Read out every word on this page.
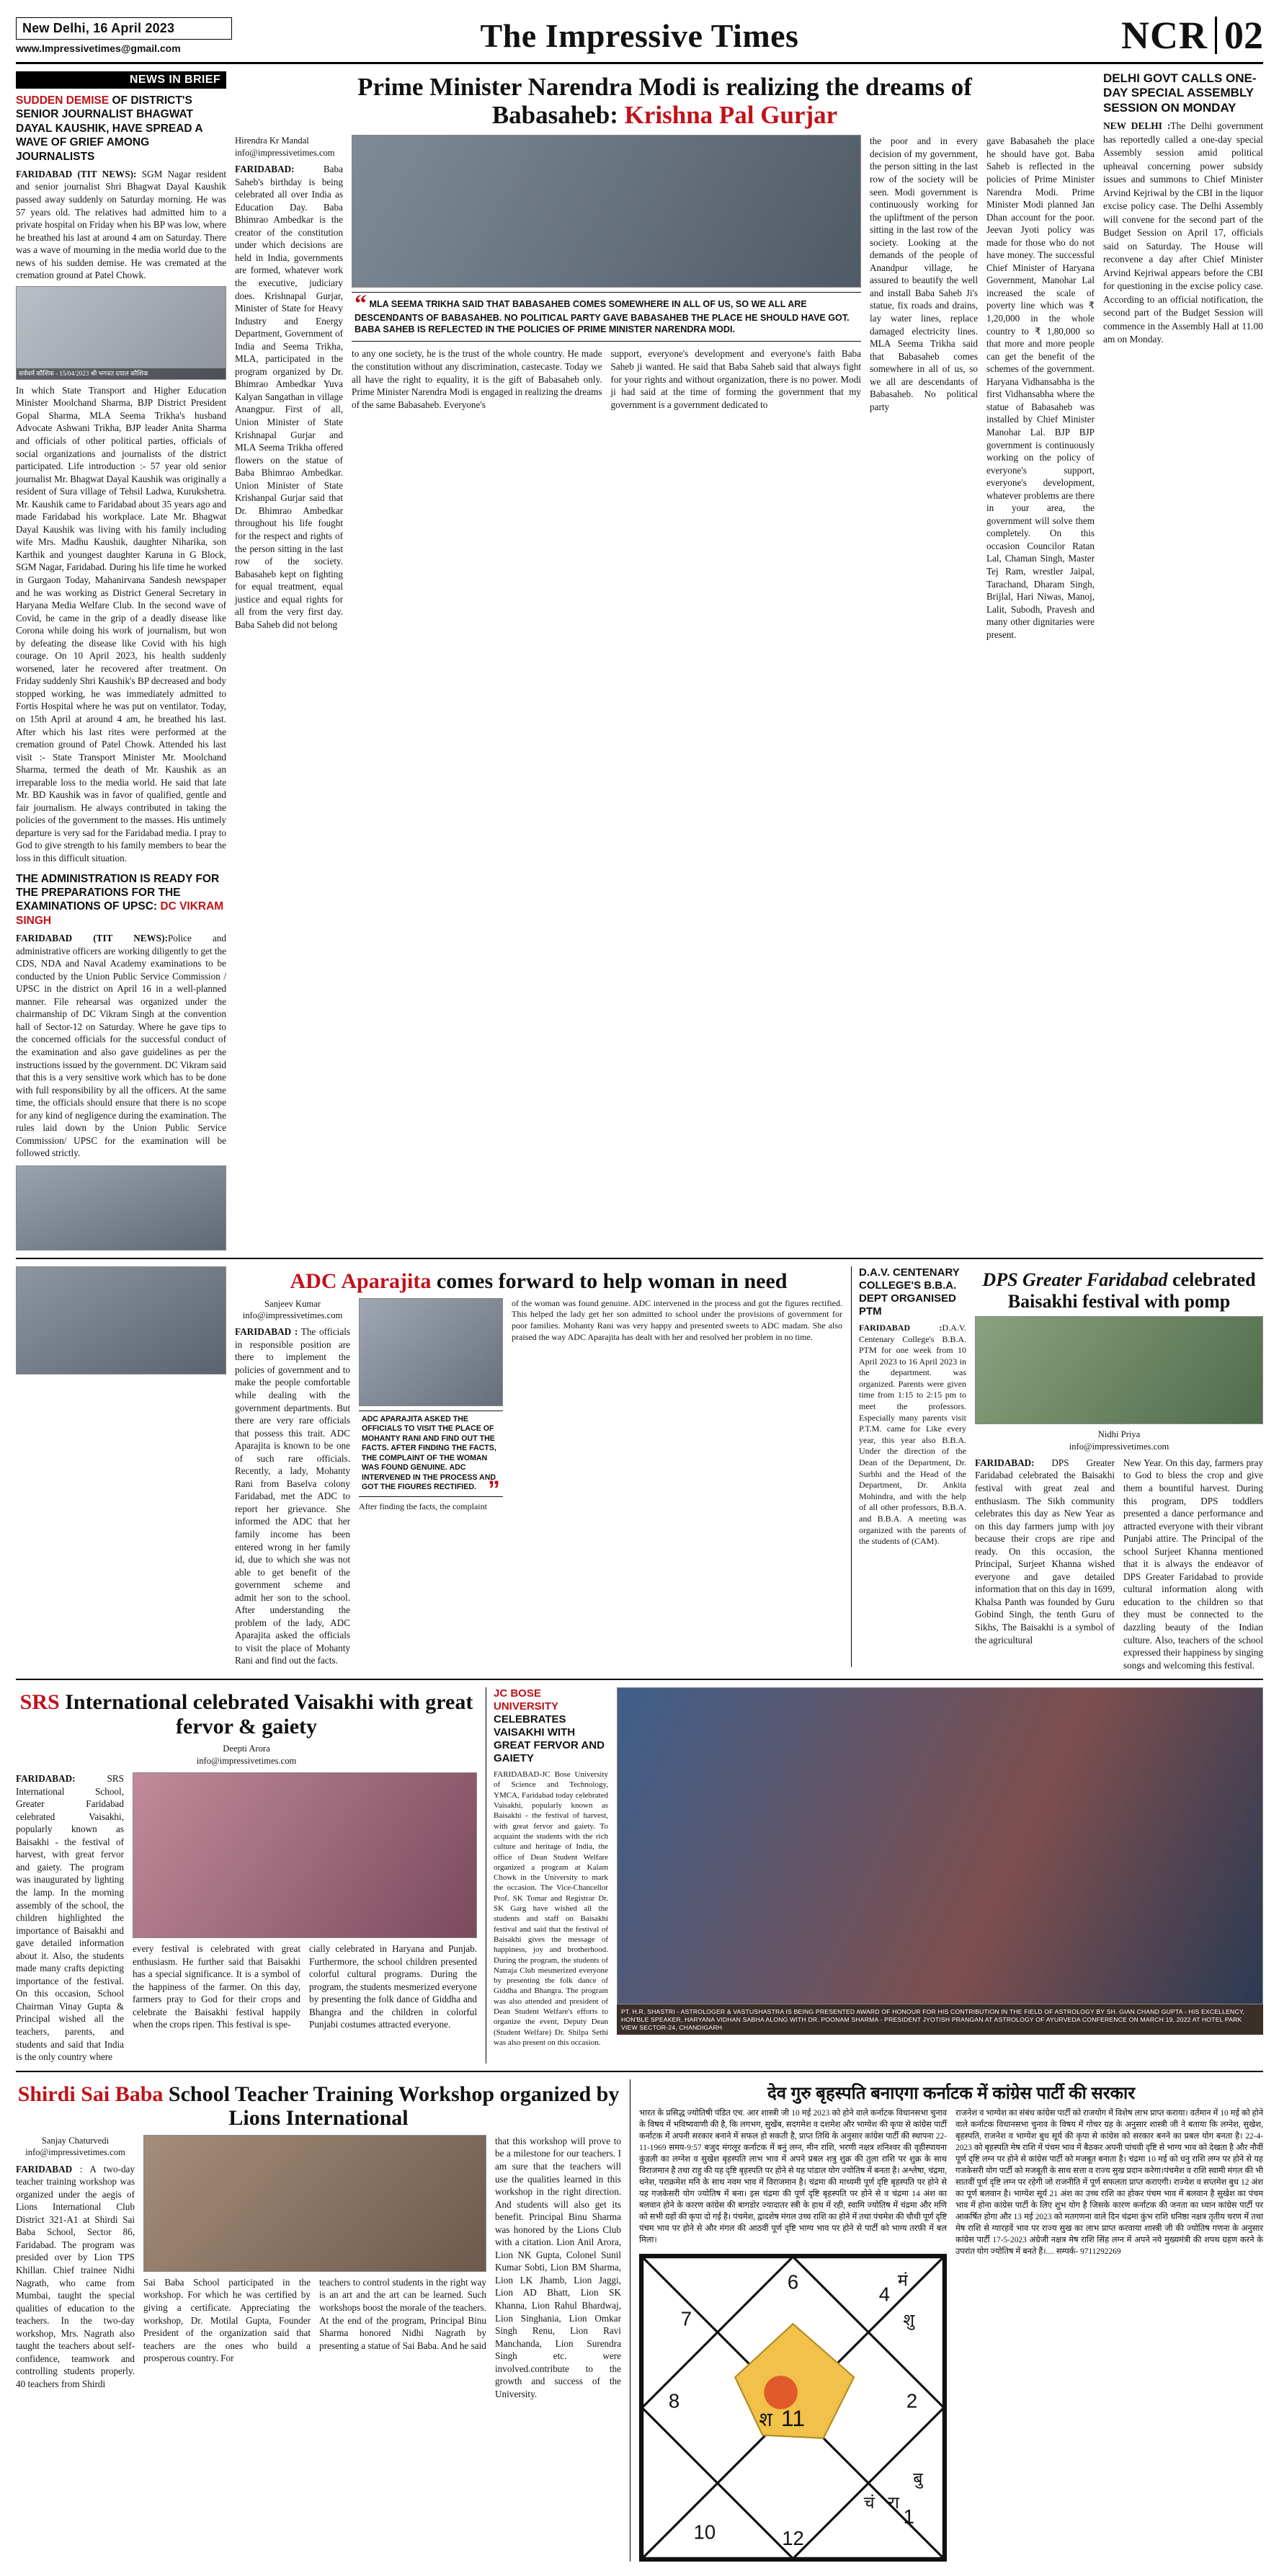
New Delhi, 16 April 2023
www.Impressivetimes@gmail.com	The Impressive Times	NCR 02
NEWS IN BRIEF
SUDDEN DEMISE OF DISTRICT'S SENIOR JOURNALIST BHAGWAT DAYAL KAUSHIK, HAVE SPREAD A WAVE OF GRIEF AMONG JOURNALISTS
FARIDABAD (TIT NEWS): SGM Nagar resident and senior journalist Shri Bhagwat Dayal Kaushik passed away suddenly on Saturday morning. He was 57 years old. The relatives had admitted him to a private hospital on Friday when his BP was low, where he breathed his last at around 4 am on Saturday. There was a wave of mourning in the media world due to the news of his sudden demise. He was cremated at the cremation ground at Patel Chowk.
सर्वधर्म कौशिक - 15/04/2023 श्री भगवत दयाल कौशिक
In which State Transport and Higher Education Minister Moolchand Sharma, BJP District President Gopal Sharma, MLA Seema Trikha's husband Advocate Ashwani Trikha, BJP leader Anita Sharma and officials of other political parties, officials of social organizations and journalists of the district participated. Life introduction :- 57 year old senior journalist Mr. Bhagwat Dayal Kaushik was originally a resident of Sura village of Tehsil Ladwa, Kurukshetra. Mr. Kaushik came to Faridabad about 35 years ago and made Faridabad his workplace. Late Mr. Bhagwat Dayal Kaushik was living with his family including wife Mrs. Madhu Kaushik, daughter Niharika, son Karthik and youngest daughter Karuna in G Block, SGM Nagar, Faridabad. During his life time he worked in Gurgaon Today, Mahanirvana Sandesh newspaper and he was working as District General Secretary in Haryana Media Welfare Club. In the second wave of Covid, he came in the grip of a deadly disease like Corona while doing his work of journalism, but won by defeating the disease like Covid with his high courage. On 10 April 2023, his health suddenly worsened, later he recovered after treatment. On Friday suddenly Shri Kaushik's BP decreased and body stopped working, he was immediately admitted to Fortis Hospital where he was put on ventilator. Today, on 15th April at around 4 am, he breathed his last. After which his last rites were performed at the cremation ground of Patel Chowk. Attended his last visit :- State Transport Minister Mr. Moolchand Sharma, termed the death of Mr. Kaushik as an irreparable loss to the media world. He said that late Mr. BD Kaushik was in favor of qualified, gentle and fair journalism. He always contributed in taking the policies of the government to the masses. His untimely departure is very sad for the Faridabad media. I pray to God to give strength to his family members to bear the loss in this difficult situation.
THE ADMINISTRATION IS READY FOR THE PREPARATIONS FOR THE EXAMINATIONS OF UPSC: DC VIKRAM SINGH
FARIDABAD (TIT NEWS):Police and administrative officers are working diligently to get the CDS, NDA and Naval Academy examinations to be conducted by the Union Public Service Commission / UPSC in the district on April 16 in a well-planned manner. File rehearsal was organized under the chairmanship of DC Vikram Singh at the convention hall of Sector-12 on Saturday. Where he gave tips to the concerned officials for the successful conduct of the examination and also gave guidelines as per the instructions issued by the government. DC Vikram said that this is a very sensitive work which has to be done with full responsibility by all the officers. At the same time, the officials should ensure that there is no scope for any kind of negligence during the examination. The rules laid down by the Union Public Service Commission/ UPSC for the examination will be followed strictly.
Prime Minister Narendra Modi is realizing the dreams of
Babasaheb: Krishna Pal Gurjar
Hirendra Kr Mandal
info@impressivetimes.com
FARIDABAD: Baba Saheb's birthday is being celebrated all over India as Education Day. Baba Bhimrao Ambedkar is the creator of the constitution under which decisions are held in India, governments are formed, whatever work the executive, judiciary does. Krishnapal Gurjar, Minister of State for Heavy Industry and Energy Department, Government of India and Seema Trikha, MLA, participated in the program organized by Dr. Bhimrao Ambedkar Yuva Kalyan Sangathan in village Anangpur. First of all, Union Minister of State Krishnapal Gurjar and MLA Seema Trikha offered flowers on the statue of Baba Bhimrao Ambedkar. Union Minister of State Krishanpal Gurjar said that Dr. Bhimrao Ambedkar throughout his life fought for the respect and rights of the person sitting in the last row of the society. Babasaheb kept on fighting for equal treatment, equal justice and equal rights for all from the very first day. Baba Saheb did not belong
“ MLA SEEMA TRIKHA SAID THAT BABASAHEB COMES SOMEWHERE IN ALL OF US, SO WE ALL ARE DESCENDANTS OF BABASAHEB. NO POLITICAL PARTY GAVE BABASAHEB THE PLACE HE SHOULD HAVE GOT. BABA SAHEB IS REFLECTED IN THE POLICIES OF PRIME MINISTER NARENDRA MODI.
to any one society, he is the trust of the whole country. He made the constitution without any discrimination, castecaste. Today we all have the right to equality, it is the gift of Babasaheb only. Prime Minister Narendra Modi is engaged in realizing the dreams of the same Babasaheb. Everyone's
support, everyone's development and everyone's faith Baba Saheb ji wanted. He said that Baba Saheb said that always fight for your rights and without organization, there is no power. Modi ji had said at the time of forming the government that my government is a government dedicated to
the poor and in every decision of my government, the person sitting in the last row of the society will be seen. Modi government is continuously working for the upliftment of the person sitting in the last row of the society. Looking at the demands of the people of Anandpur village, he assured to beautify the well and install Baba Saheb Ji's statue, fix roads and drains, lay water lines, replace damaged electricity lines. MLA Seema Trikha said that Babasaheb comes somewhere in all of us, so we all are descendants of Babasaheb. No political party
gave Babasaheb the place he should have got. Baba Saheb is reflected in the policies of Prime Minister Narendra Modi. Prime Minister Modi planned Jan Dhan account for the poor. Jeevan Jyoti policy was made for those who do not have money. The successful Chief Minister of Haryana Government, Manohar Lal increased the scale of poverty line which was ₹ 1,20,000 in the whole country to ₹ 1,80,000 so that more and more people can get the benefit of the schemes of the government. Haryana Vidhansabha is the first Vidhansabha where the statue of Babasaheb was installed by Chief Minister Manohar Lal. BJP BJP government is continuously working on the policy of everyone's support, everyone's development, whatever problems are there in your area, the government will solve them completely. On this occasion Councilor Ratan Lal, Chaman Singh, Master Tej Ram, wrestler Jaipal, Tarachand, Dharam Singh, Brijlal, Hari Niwas, Manoj, Lalit, Subodh, Pravesh and many other dignitaries were present.
DELHI GOVT CALLS ONE-DAY SPECIAL ASSEMBLY SESSION ON MONDAY
NEW DELHI :The Delhi government has reportedly called a one-day special Assembly session amid political upheaval concerning power subsidy issues and summons to Chief Minister Arvind Kejriwal by the CBI in the liquor excise policy case. The Delhi Assembly will convene for the second part of the Budget Session on April 17, officials said on Saturday. The House will reconvene a day after Chief Minister Arvind Kejriwal appears before the CBI for questioning in the excise policy case. According to an official notification, the second part of the Budget Session will commence in the Assembly Hall at 11.00 am on Monday.
ADC Aparajita comes forward to help woman in need
Sanjeev Kumar
info@impressivetimes.com
FARIDABAD : The officials in responsible position are there to implement the policies of government and to make the people comfortable while dealing with the government departments. But there are very rare officials that possess this trait. ADC Aparajita is known to be one of such rare officials. Recently, a lady, Mohanty Rani from Baselva colony Faridabad, met the ADC to report her grievance. She informed the ADC that her family income has been entered wrong in her family id, due to which she was not able to get benefit of the government scheme and admit her son to the school. After understanding the problem of the lady, ADC Aparajita asked the officials to visit the place of Mohanty Rani and find out the facts.
ADC APARAJITA ASKED THE OFFICIALS TO VISIT THE PLACE OF MOHANTY RANI AND FIND OUT THE FACTS. AFTER FINDING THE FACTS, THE COMPLAINT OF THE WOMAN WAS FOUND GENUINE. ADC INTERVENED IN THE PROCESS AND GOT THE FIGURES RECTIFIED. ”
After finding the facts, the complaint
of the woman was found genuine. ADC intervened in the process and got the figures rectified. This helped the lady get her son admitted to school under the provisions of government for poor families. Mohanty Rani was very happy and presented sweets to ADC madam. She also praised the way ADC Aparajita has dealt with her and resolved her problem in no time.
D.A.V. CENTENARY COLLEGE'S B.B.A. DEPT ORGANISED PTM
FARIDABAD :D.A.V. Centenary College's B.B.A. PTM for one week from 10 April 2023 to 16 April 2023 in the department. was organized. Parents were given time from 1:15 to 2:15 pm to meet the professors. Especially many parents visit P.T.M. came for Like every year, this year also B.B.A. Under the direction of the Dean of the Department, Dr. Surbhi and the Head of the Department, Dr. Ankita Mohindra, and with the help of all other professors, B.B.A. and B.B.A. A meeting was organized with the parents of the students of (CAM).
DPS Greater Faridabad celebrated Baisakhi festival with pomp
Nidhi Priya
info@impressivetimes.com
FARIDABAD: DPS Greater Faridabad celebrated the Baisakhi festival with great zeal and enthusiasm. The Sikh community celebrates this day as New Year as on this day farmers jump with joy because their crops are ripe and ready. On this occasion, the Principal, Surjeet Khanna wished everyone and gave detailed information that on this day in 1699, Khalsa Panth was founded by Guru Gobind Singh, the tenth Guru of Sikhs, The Baisakhi is a symbol of the agricultural
New Year. On this day, farmers pray to God to bless the crop and give them a bountiful harvest. During this program, DPS toddlers presented a dance performance and attracted everyone with their vibrant Punjabi attire. The Principal of the school Surjeet Khanna mentioned that it is always the endeavor of DPS Greater Faridabad to provide cultural information along with education to the children so that they must be connected to the dazzling beauty of the Indian culture. Also, teachers of the school expressed their happiness by singing songs and welcoming this festival.
SRS International celebrated Vaisakhi with great fervor & gaiety
Deepti Arora
info@impressivetimes.com
FARIDABAD: SRS International School, Greater Faridabad celebrated Vaisakhi, popularly known as Baisakhi - the festival of harvest, with great fervor and gaiety. The program was inaugurated by lighting the lamp. In the morning assembly of the school, the children highlighted the importance of Baisakhi and gave detailed information about it. Also, the students made many crafts depicting importance of the festival. On this occasion, School Chairman Vinay Gupta & Principal wished all the teachers, parents, and students and said that India is the only country where
every festival is celebrated with great enthusiasm. He further said that Baisakhi has a special significance. It is a symbol of the happiness of the farmer. On this day, farmers pray to God for their crops and celebrate the Baisakhi festival happily when the crops ripen. This festival is spe-
cially celebrated in Haryana and Punjab. Furthermore, the school children presented colorful cultural programs. During the program, the students mesmerized everyone by presenting the folk dance of Giddha and Bhangra and the children in colorful Punjabi costumes attracted everyone.
JC BOSE UNIVERSITY CELEBRATES VAISAKHI WITH GREAT FERVOR AND GAIETY
FARIDABAD-JC Bose University of Science and Technology, YMCA, Faridabad today celebrated Vaisakhi, popularly known as Baisakhi - the festival of harvest, with great fervor and gaiety. To acquaint the students with the rich culture and heritage of India, the office of Dean Student Welfare organized a program at Kalam Chowk in the University to mark the occasion. The Vice-Chancellor Prof. SK Tomar and Registrar Dr. SK Garg have wished all the students and staff on Baisakhi festival and said that the festival of Baisakhi gives the message of happiness, joy and brotherhood. During the program, the students of Natraja Club mesmerized everyone by presenting the folk dance of Giddha and Bhangra. The program was also attended and president of Dean Student Welfare's efforts to organize the event, Deputy Dean (Student Welfare) Dr. Shilpa Sethi was also present on this occasion.
PT. H.R. SHASTRI - ASTROLOGER & VASTUSHASTRA IS BEING PRESENTED AWARD OF HONOUR FOR HIS CONTRIBUTION IN THE FIELD OF ASTROLOGY BY SH. GIAN CHAND GUPTA - HIS EXCELLENCY, HON'BLE SPEAKER, HARYANA VIDHAN SABHA ALONG WITH DR. POONAM SHARMA - PRESIDENT JYOTISH PRANGAN AT ASTROLOGY OF AYURVEDA CONFERENCE ON MARCH 19, 2022 AT HOTEL PARK VIEW SECTOR-24, CHANDIGARH
Shirdi Sai Baba School Teacher Training Workshop organized by Lions International
Sanjay Chaturvedi
info@impressivetimes.com
FARIDABAD : A two-day teacher training workshop was organized under the aegis of Lions International Club District 321-A1 at Shirdi Sai Baba School, Sector 86, Faridabad. The program was presided over by Lion TPS Khillan. Chief trainee Nidhi Nagrath, who came from Mumbai, taught the special qualities of education to the teachers. In the two-day workshop, Mrs. Nagrath also taught the teachers about self-confidence, teamwork and controlling students properly. 40 teachers from Shirdi
Sai Baba School participated in the workshop. For which he was certified by giving a certificate. Appreciating the workshop, Dr. Motilal Gupta, Founder President of the organization said that teachers are the ones who build a prosperous country. For
teachers to control students in the right way is an art and the art can be learned. Such workshops boost the morale of the teachers. At the end of the program, Principal Binu Sharma honored Nidhi Nagrath by presenting a statue of Sai Baba. And he said
that this workshop will prove to be a milestone for our teachers. I am sure that the teachers will use the qualities learned in this workshop in the right direction. And students will also get its benefit. Principal Binu Sharma was honored by the Lions Club with a citation. Lion Anil Arora, Lion NK Gupta, Colonel Sunil Kumar Sobti, Lion BM Sharma, Lion LK Jhamb, Lion Jaggi, Lion AD Bhatt, Lion SK Khanna, Lion Rahul Bhardwaj, Lion Singhania, Lion Omkar Singh Renu, Lion Ravi Manchanda, Lion Surendra Singh etc. were involved.contribute to the growth and success of the University.
देव गुरु बृहस्पति बनाएगा कर्नाटक में कांग्रेस पार्टी की सरकार
भारत के प्रसिद्ध ज्योतिषी पंडित एच. आर शास्त्री जी 10 मई 2023 को होने वाले कर्नाटक विधानसभा चुनाव के विषय में भविष्यवाणी की है, कि लगभग, सुखेंब, सदगमेश व दशमेश और भाग्येश की कृपा से कांग्रेस पार्टी कर्नाटक में अपनी सरकार बनाने में सफल हो सकती है, प्राप्त तिथि के अनुसार कांग्रेस पार्टी की स्थापना 22-11-1969 समय-9:57 बजुद मंगलूर कर्नाटक में बनुं लग्न, मीन राशि, भरणी नक्षत्र शनिश्वर की वृहीस्पायना कुंडली का लग्नेश व सुखेश बृहस्पति लाभ भाव में अपने प्रबल शत्रु शुक्र की तुला राशि पर शुक्र के साथ विराजमान है तथा राहु की यह दृष्टि बृहस्पति पर होने से यह पांडाल योग ज्योतिष में बनता है। अश्लेषा, चंद्रमा, धनेश, पराक्रमेश मनि के साथ नवम भाव में विराजमान है। चंद्रमा की माध्यमी पूर्ण दृष्टि बृहस्पति पर होने से यह गजकेसरी योग ज्योतिष में बना। इस चंद्रमा की पूर्ण दृष्टि बृहस्पति पर होने से व चंद्रमा 14 अंश का बलवान होने के कारण कांग्रेस की बागडोर ज्यादातर स्त्री के हाथ में रही, स्वामि ज्योतिष में चंद्रमा और मणि को सभी ग्रहों की कृपा दो गई है। पंचमेश, द्वादशेष मंगल उच्च राशि का होने में तथा पंचमेश की चौथी पूर्ण दृष्टि पंचम भाव पर होने से और मंगल की आठवीं पूर्ण दृष्टि भाग्य भाव पर होने से पार्टी को भाग्य तरफ़ी में बल मिला।
6
4
7
8	2
11
12
10
1
मं
शु
श
चं रा
बु
राजनेश व भाग्येश का संबंध कांग्रेस पार्टी को राजयोग में विशेष लाभ प्राप्त कराया। वर्तमान में 10 मई को होने वाले कर्नाटक विधानसभा चुनाव के विषय में गोचर ग्रह के अनुसार शास्त्री जी ने बताया कि लग्नेश, सुखेश, बृहस्पति, राजनेश व भाग्येश बुध सूर्य की कृपा से कांग्रेस को सरकार बनने का प्रबल योग बनता है। 22-4-2023 को बृहस्पति मेष राशि में पंचम भाव में बैठकर अपनी पांचवी दृष्टि से भाग्य भाव को देखता है और नौवीं पूर्ण दृष्टि लग्न पर होने से कांग्रेस पार्टी को मजबूत बनाता है। चंद्रमा 10 मई को धनु राशि लग्न पर होने से यह गजकेसरी योग पार्टी को मजबूती के साथ सत्ता व राज्य सुख प्रदान करेगा।पंचमेश व राशि स्वामी मंगल की भी सातवीं पूर्ण दृष्टि लग्न पर रहेगी जो राजनीति में पूर्ण सफलता प्राप्त कराएगी। राज्येश व सप्तमेश बुध 12 अंश का पूर्ण बलवान है। भाग्येश सूर्य 21 अंश का उच्च राशि का होकर पंचम भाव में बलवान है सुखेश का पंचम भाव में होना कांग्रेस पार्टी के लिए शुभ योग है जिसके कारण कर्नाटक की जनता का ध्यान कांग्रेस पार्टी पर आकर्षित होगा और 13 मई 2023 को मतगणना वाले दिन चंद्रमा कुंभ राशि धनिष्ठा नक्षत्र तृतीय चरण में तथा मेष राशि से ग्यारहवें भाव पर राज्य सुख का लाभ प्राप्त करवाया शास्त्री जी की ज्योतिष गणना के अनुसार कांग्रेस पार्टी 17-5-2023 अंग्रेजी नक्षत्र मेष राशि सिंह लग्न में अपने नये मुख्यमंत्री की शपथ ग्रहण करने के उपरांत योग ज्योतिष में बनते हैं।.... सम्पर्क- 9711292269
